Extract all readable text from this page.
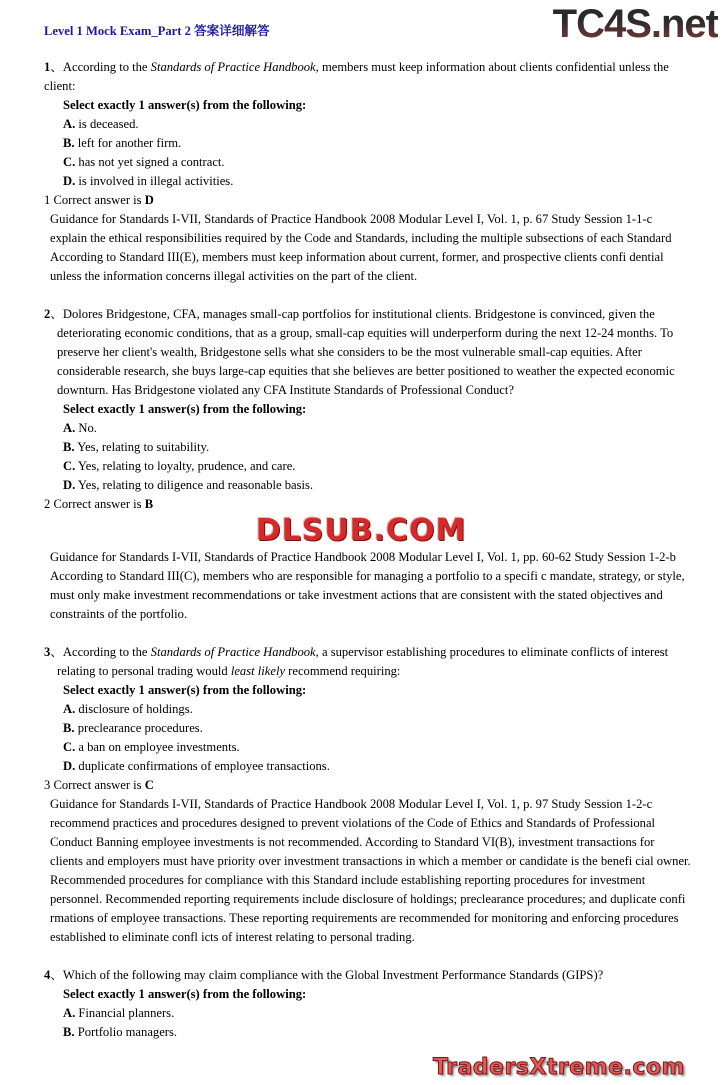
Level 1 Mock Exam_Part 2 答案详细解答	TC4S.net
1、According to the Standards of Practice Handbook, members must keep information about clients confidential unless the
client:
Select exactly 1 answer(s) from the following:
A. is deceased.
B. left for another firm.
C. has not yet signed a contract.
D. is involved in illegal activities.
1 Correct answer is D
Guidance for Standards I-VII, Standards of Practice Handbook 2008 Modular Level I, Vol. 1, p. 67 Study Session 1-1-c
explain the ethical responsibilities required by the Code and Standards, including the multiple subsections of each Standard
According to Standard III(E), members must keep information about current, former, and prospective clients confi dential
unless the information concerns illegal activities on the part of the client.
2、Dolores Bridgestone, CFA, manages small-cap portfolios for institutional clients. Bridgestone is convinced, given the
deteriorating economic conditions, that as a group, small-cap equities will underperform during the next 12-24 months. To
preserve her client's wealth, Bridgestone sells what she considers to be the most vulnerable small-cap equities. After
considerable research, she buys large-cap equities that she believes are better positioned to weather the expected economic
downturn. Has Bridgestone violated any CFA Institute Standards of Professional Conduct?
Select exactly 1 answer(s) from the following:
A. No.
B. Yes, relating to suitability.
C. Yes, relating to loyalty, prudence, and care.
D. Yes, relating to diligence and reasonable basis.
2 Correct answer is B
DLSUB.COM
Guidance for Standards I-VII, Standards of Practice Handbook 2008 Modular Level I, Vol. 1, pp. 60-62 Study Session 1-2-b
According to Standard III(C), members who are responsible for managing a portfolio to a specifi c mandate, strategy, or style,
must only make investment recommendations or take investment actions that are consistent with the stated objectives and
constraints of the portfolio.
3、According to the Standards of Practice Handbook, a supervisor establishing procedures to eliminate conflicts of interest
relating to personal trading would least likely recommend requiring:
Select exactly 1 answer(s) from the following:
A. disclosure of holdings.
B. preclearance procedures.
C. a ban on employee investments.
D. duplicate confirmations of employee transactions.
3 Correct answer is C
Guidance for Standards I-VII, Standards of Practice Handbook 2008 Modular Level I, Vol. 1, p. 97 Study Session 1-2-c
recommend practices and procedures designed to prevent violations of the Code of Ethics and Standards of Professional
Conduct Banning employee investments is not recommended. According to Standard VI(B), investment transactions for
clients and employers must have priority over investment transactions in which a member or candidate is the benefi cial owner.
Recommended procedures for compliance with this Standard include establishing reporting procedures for investment
personnel. Recommended reporting requirements include disclosure of holdings; preclearance procedures; and duplicate confi
rmations of employee transactions. These reporting requirements are recommended for monitoring and enforcing procedures
established to eliminate confl icts of interest relating to personal trading.
4、Which of the following may claim compliance with the Global Investment Performance Standards (GIPS)?
Select exactly 1 answer(s) from the following:
A. Financial planners.
B. Portfolio managers.
TradersXtreme.com
